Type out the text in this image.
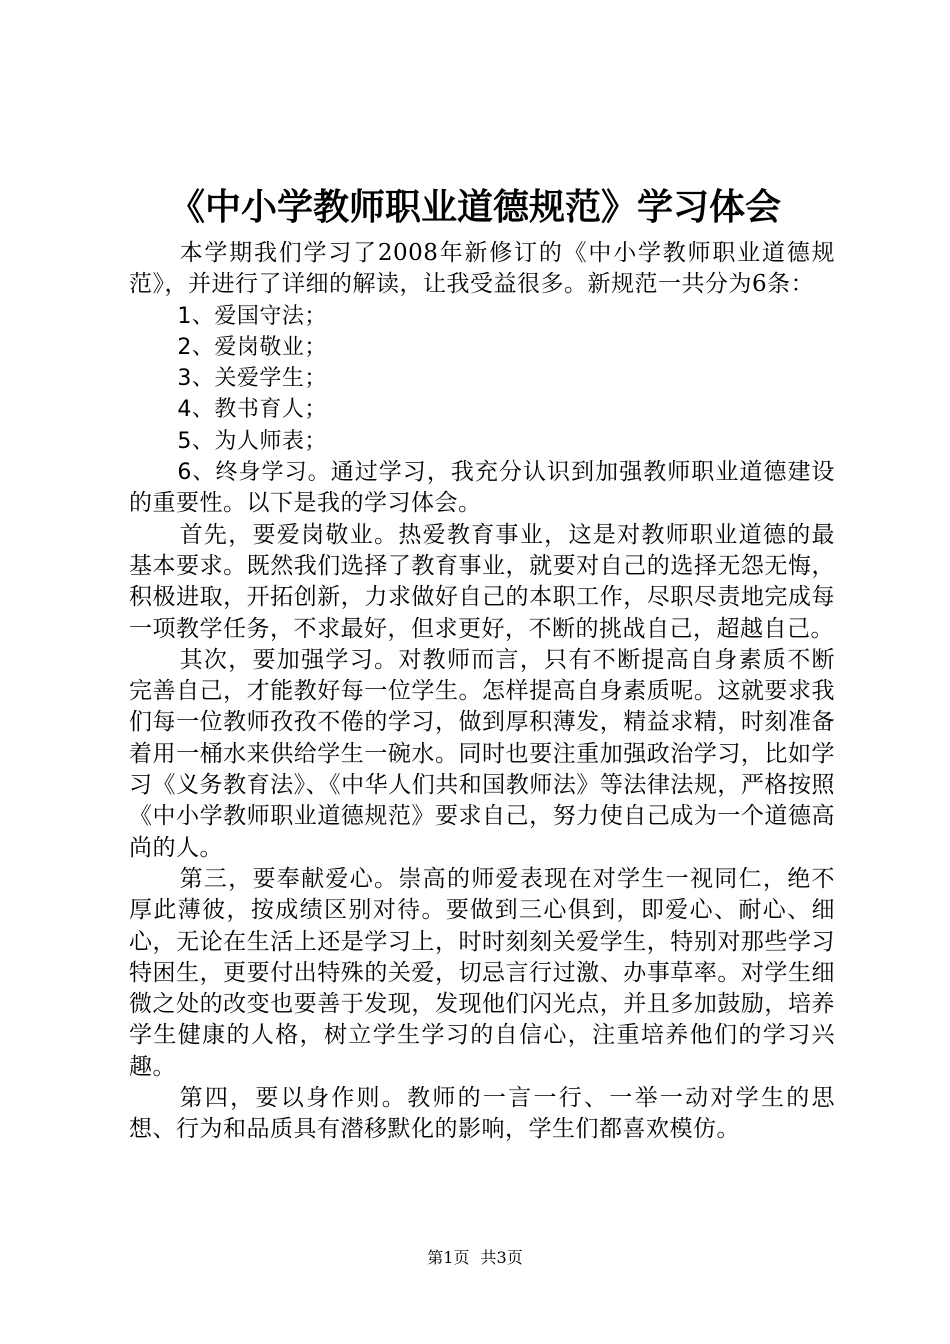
《中小学教师职业道德规范》学习体会

本学期我们学习了2008年新修订的《中小学教师职业道德规范》，并进行了详细的解读，让我受益很多。新规范一共分为6条：

1、爱国守法；

2、爱岗敬业；

3、关爱学生；

4、教书育人；

5、为人师表；

6、终身学习。通过学习，我充分认识到加强教师职业道德建设的重要性。以下是我的学习体会。

首先，要爱岗敬业。热爱教育事业，这是对教师职业道德的最基本要求。既然我们选择了教育事业，就要对自己的选择无怨无悔，积极进取，开拓创新，力求做好自己的本职工作，尽职尽责地完成每一项教学任务，不求最好，但求更好，不断的挑战自己，超越自己。

其次，要加强学习。对教师而言，只有不断提高自身素质不断完善自己，才能教好每一位学生。怎样提高自身素质呢。这就要求我们每一位教师孜孜不倦的学习，做到厚积薄发，精益求精，时刻准备着用一桶水来供给学生一碗水。同时也要注重加强政治学习，比如学习《义务教育法》、《中华人们共和国教师法》等法律法规，严格按照《中小学教师职业道德规范》要求自己，努力使自己成为一个道德高尚的人。

第三，要奉献爱心。崇高的师爱表现在对学生一视同仁，绝不厚此薄彼，按成绩区别对待。要做到三心俱到，即爱心、耐心、细心，无论在生活上还是学习上，时时刻刻关爱学生，特别对那些学习特困生，更要付出特殊的关爱，切忌言行过激、办事草率。对学生细微之处的改变也要善于发现，发现他们闪光点，并且多加鼓励，培养学生健康的人格，树立学生学习的自信心，注重培养他们的学习兴趣。

第四，要以身作则。教师的一言一行、一举一动对学生的思想、行为和品质具有潜移默化的影响，学生们都喜欢模仿。

第1页 共3页
